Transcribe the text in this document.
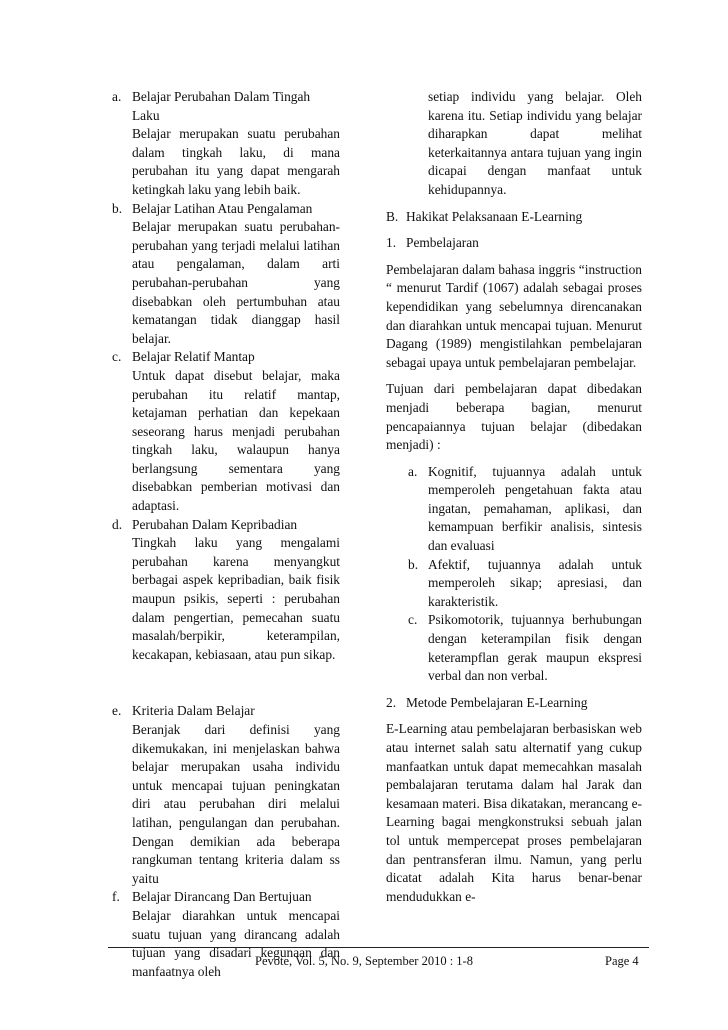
a. Belajar Perubahan Dalam Tingah Laku
Belajar merupakan suatu perubahan dalam tingkah laku, di mana perubahan itu yang dapat mengarah ketingkah laku yang lebih baik.
b. Belajar Latihan Atau Pengalaman
Belajar merupakan suatu perubahan-perubahan yang terjadi melalui latihan atau pengalaman, dalam arti perubahan-perubahan yang disebabkan oleh pertumbuhan atau kematangan tidak dianggap hasil belajar.
c. Belajar Relatif Mantap
Untuk dapat disebut belajar, maka perubahan itu relatif mantap, ketajaman perhatian dan kepekaan seseorang harus menjadi perubahan tingkah laku, walaupun hanya berlangsung sementara yang disebabkan pemberian motivasi dan adaptasi.
d. Perubahan Dalam Kepribadian
Tingkah laku yang mengalami perubahan karena menyangkut berbagai aspek kepribadian, baik fisik maupun psikis, seperti : perubahan dalam pengertian, pemecahan suatu masalah/berpikir, keterampilan, kecakapan, kebiasaan, atau pun sikap.
e. Kriteria Dalam Belajar
Beranjak dari definisi yang dikemukakan, ini menjelaskan bahwa belajar merupakan usaha individu untuk mencapai tujuan peningkatan diri atau perubahan diri melalui latihan, pengulangan dan perubahan. Dengan demikian ada beberapa rangkuman tentang kriteria dalam ss yaitu
f. Belajar Dirancang Dan Bertujuan
Belajar diarahkan untuk mencapai suatu tujuan yang dirancang adalah tujuan yang disadari kegunaan dan manfaatnya oleh
setiap individu yang belajar. Oleh karena itu. Setiap individu yang belajar diharapkan dapat melihat keterkaitannya antara tujuan yang ingin dicapai dengan manfaat untuk kehidupannya.
B. Hakikat Pelaksanaan E-Learning
1. Pembelajaran
Pembelajaran dalam bahasa inggris “instruction “ menurut Tardif (1067) adalah sebagai proses kependidikan yang sebelumnya direncanakan dan diarahkan untuk mencapai tujuan. Menurut Dagang (1989) mengistilahkan pembelajaran sebagai upaya untuk pembelajaran pembelajar.
Tujuan dari pembelajaran dapat dibedakan menjadi beberapa bagian, menurut pencapaiannya tujuan belajar (dibedakan menjadi) :
a. Kognitif, tujuannya adalah untuk memperoleh pengetahuan fakta atau ingatan, pemahaman, aplikasi, dan kemampuan berfikir analisis, sintesis dan evaluasi
b. Afektif, tujuannya adalah untuk memperoleh sikap; apresiasi, dan karakteristik.
c. Psikomotorik, tujuannya berhubungan dengan keterampilan fisik dengan keterampflan gerak maupun ekspresi verbal dan non verbal.
2. Metode Pembelajaran E-Learning
E-Learning atau pembelajaran berbasiskan web atau internet salah satu alternatif yang cukup manfaatkan untuk dapat memecahkan masalah pembalajaran terutama dalam hal Jarak dan kesamaan materi. Bisa dikatakan, merancang e-Learning bagai mengkonstruksi sebuah jalan tol untuk mempercepat proses pembelajaran dan pentransferan ilmu. Namun, yang perlu dicatat adalah Kita harus benar-benar mendudukkan e-
Pevote, Vol. 5, No. 9, September 2010 : 1-8	Page 4
